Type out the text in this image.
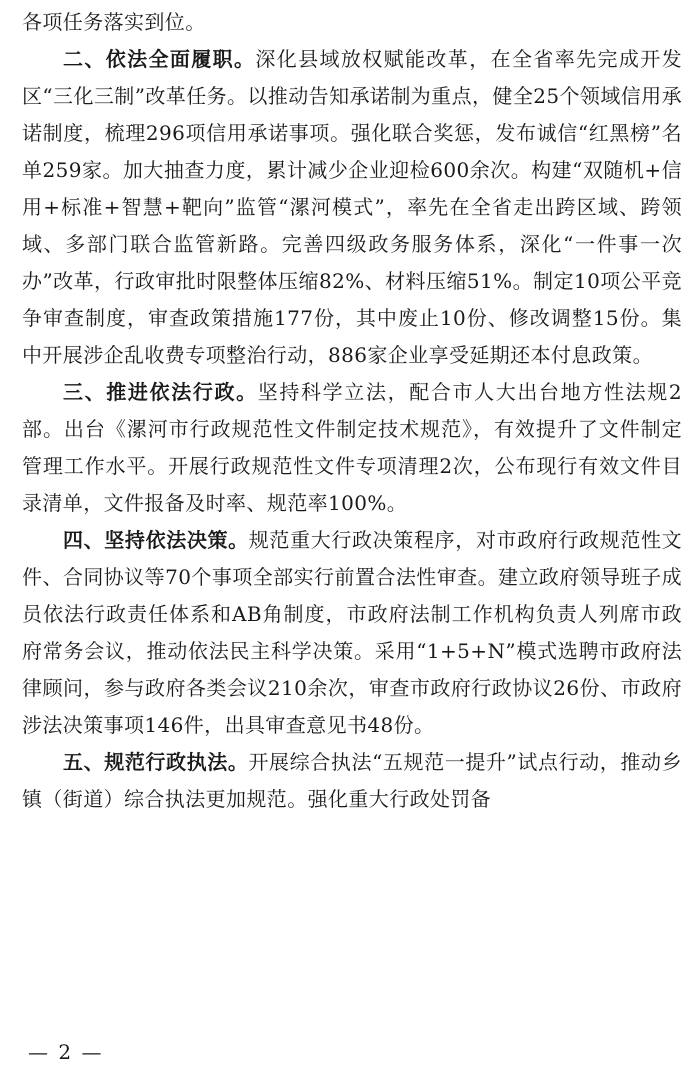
各项任务落实到位。

二、依法全面履职。深化县域放权赋能改革，在全省率先完成开发区“三化三制”改革任务。以推动告知承诺制为重点，健全25个领域信用承诺制度，梳理296项信用承诺事项。强化联合奖惩，发布诚信“红黑榜”名单259家。加大抽查力度，累计减少企业迎检600余次。构建“双随机+信用+标准+智慧+靶向”监管“漯河模式”，率先在全省走出跨区域、跨领域、多部门联合监管新路。完善四级政务服务体系，深化“一件事一次办”改革，行政审批时限整体压缩82%、材料压缩51%。制定10项公平竞争审查制度，审查政策措施177份，其中废止10份、修改调整15份。集中开展涉企乱收费专项整治行动，886家企业享受延期还本付息政策。

三、推进依法行政。坚持科学立法，配合市人大出台地方性法规2部。出台《漯河市行政规范性文件制定技术规范》，有效提升了文件制定管理工作水平。开展行政规范性文件专项清理2次，公布现行有效文件目录清单，文件报备及时率、规范率100%。

四、坚持依法决策。规范重大行政决策程序，对市政府行政规范性文件、合同协议等70个事项全部实行前置合法性审查。建立政府领导班子成员依法行政责任体系和AB角制度，市政府法制工作机构负责人列席市政府常务会议，推动依法民主科学决策。采用“1+5+N”模式选聘市政府法律顾问，参与政府各类会议210余次，审查市政府行政协议26份、市政府涉法决策事项146件，出具审查意见书48份。

五、规范行政执法。开展综合执法“五规范一提升”试点行动，推动乡镇（街道）综合执法更加规范。强化重大行政处罚备

— 2 —
